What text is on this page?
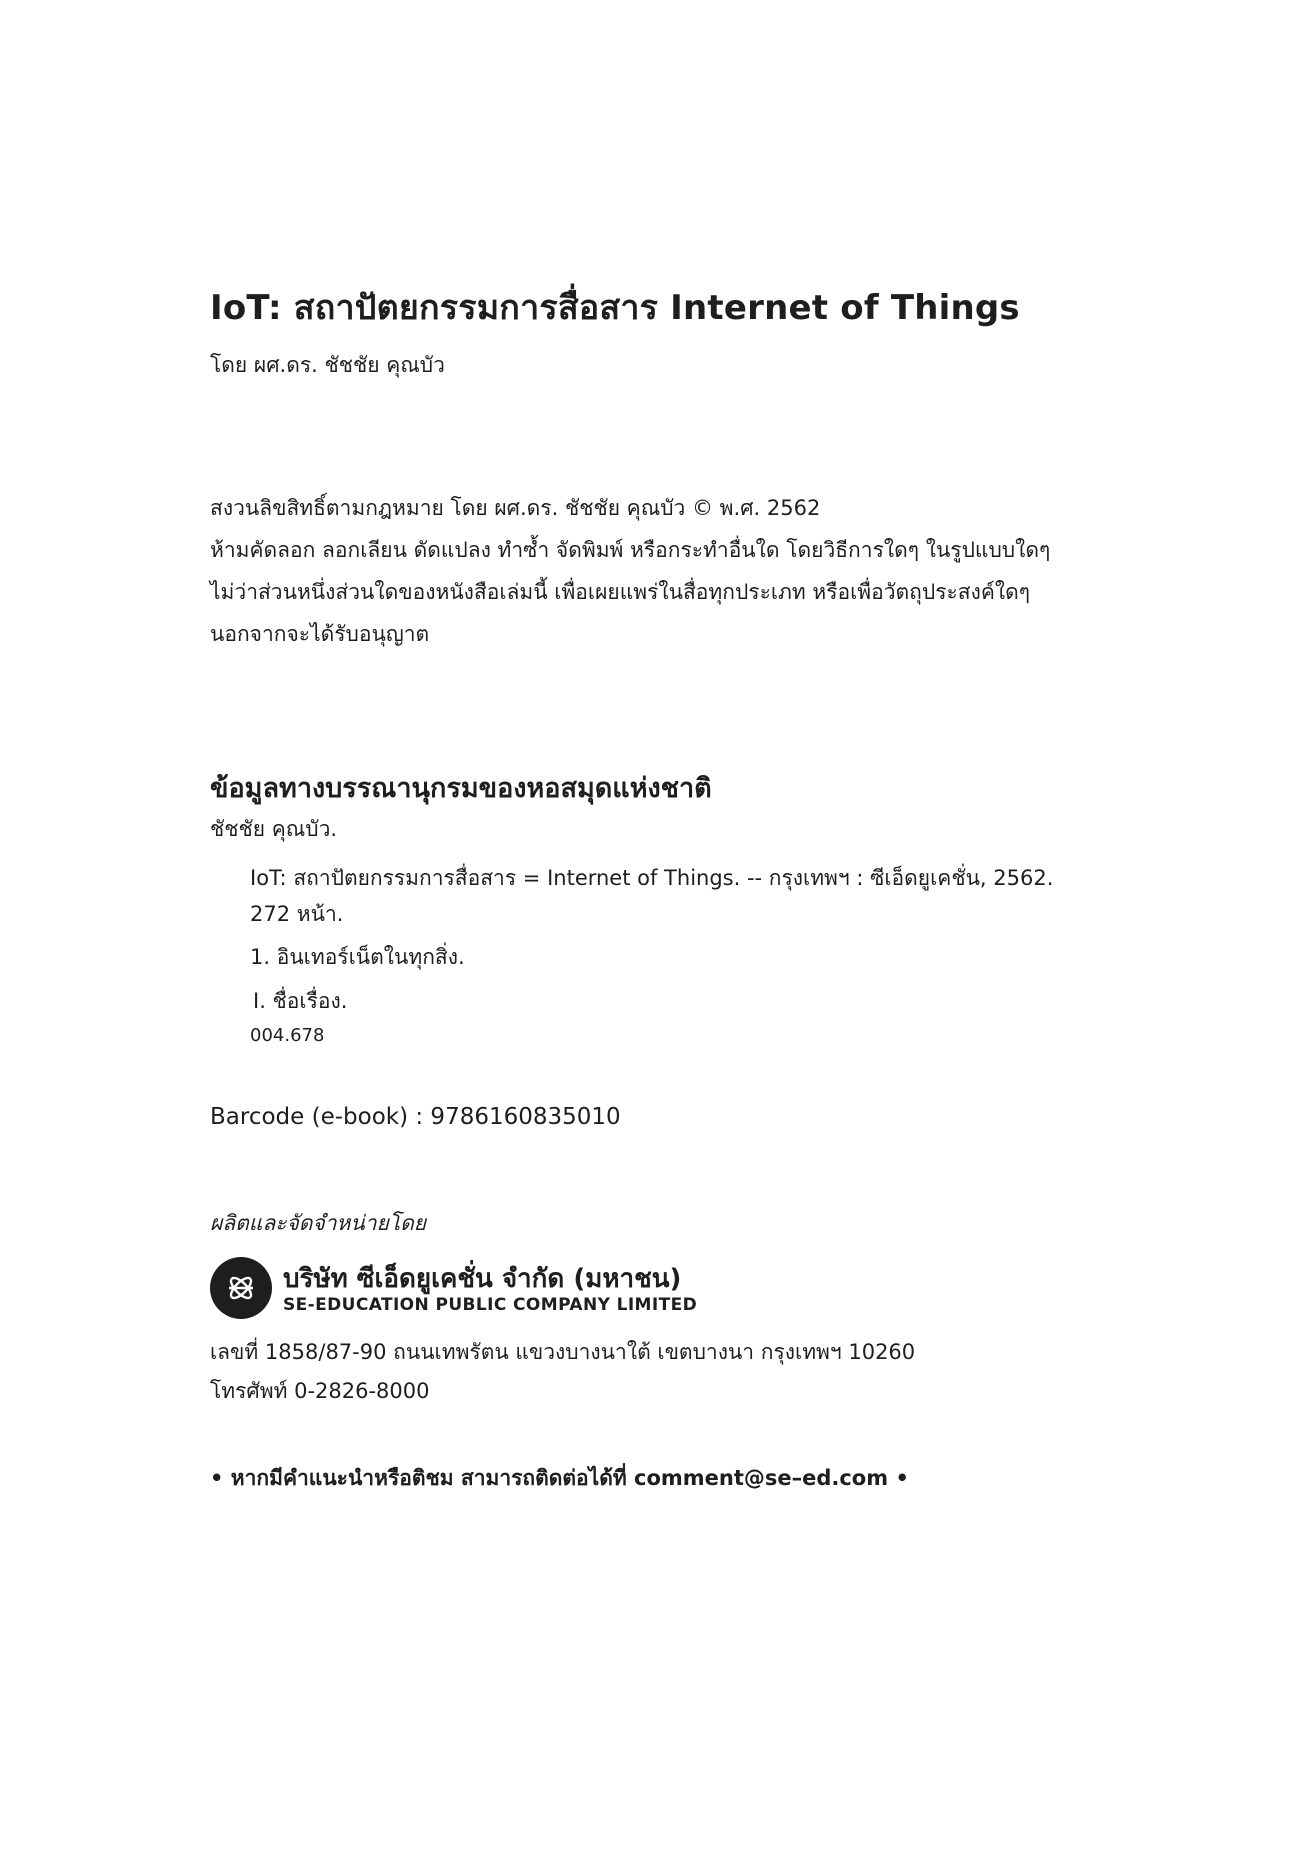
IoT: สถาปัตยกรรมการสื่อสาร Internet of Things
โดย ผศ.ดร. ชัชชัย คุณบัว
สงวนลิขสิทธิ์ตามกฎหมาย โดย ผศ.ดร. ชัชชัย คุณบัว © พ.ศ. 2562
ห้ามคัดลอก ลอกเลียน ดัดแปลง ทำซ้ำ จัดพิมพ์ หรือกระทำอื่นใด โดยวิธีการใดๆ ในรูปแบบใดๆ
ไม่ว่าส่วนหนึ่งส่วนใดของหนังสือเล่มนี้ เพื่อเผยแพร่ในสื่อทุกประเภท หรือเพื่อวัตถุประสงค์ใดๆ
นอกจากจะได้รับอนุญาต
ข้อมูลทางบรรณานุกรมของหอสมุดแห่งชาติ
ชัชชัย คุณบัว.
IoT: สถาปัตยกรรมการสื่อสาร = Internet of Things. -- กรุงเทพฯ : ซีเอ็ดยูเคชั่น, 2562.
272 หน้า.
1. อินเทอร์เน็ตในทุกสิ่ง.
I. ชื่อเรื่อง.
004.678
Barcode (e-book) : 9786160835010
ผลิตและจัดจำหน่ายโดย
บริษัท ซีเอ็ดยูเคชั่น จำกัด (มหาชน)
SE-EDUCATION PUBLIC COMPANY LIMITED
เลขที่ 1858/87-90 ถนนเทพรัตน แขวงบางนาใต้ เขตบางนา กรุงเทพฯ 10260
โทรศัพท์ 0-2826-8000
• หากมีคำแนะนำหรือติชม สามารถติดต่อได้ที่ comment@se–ed.com •
